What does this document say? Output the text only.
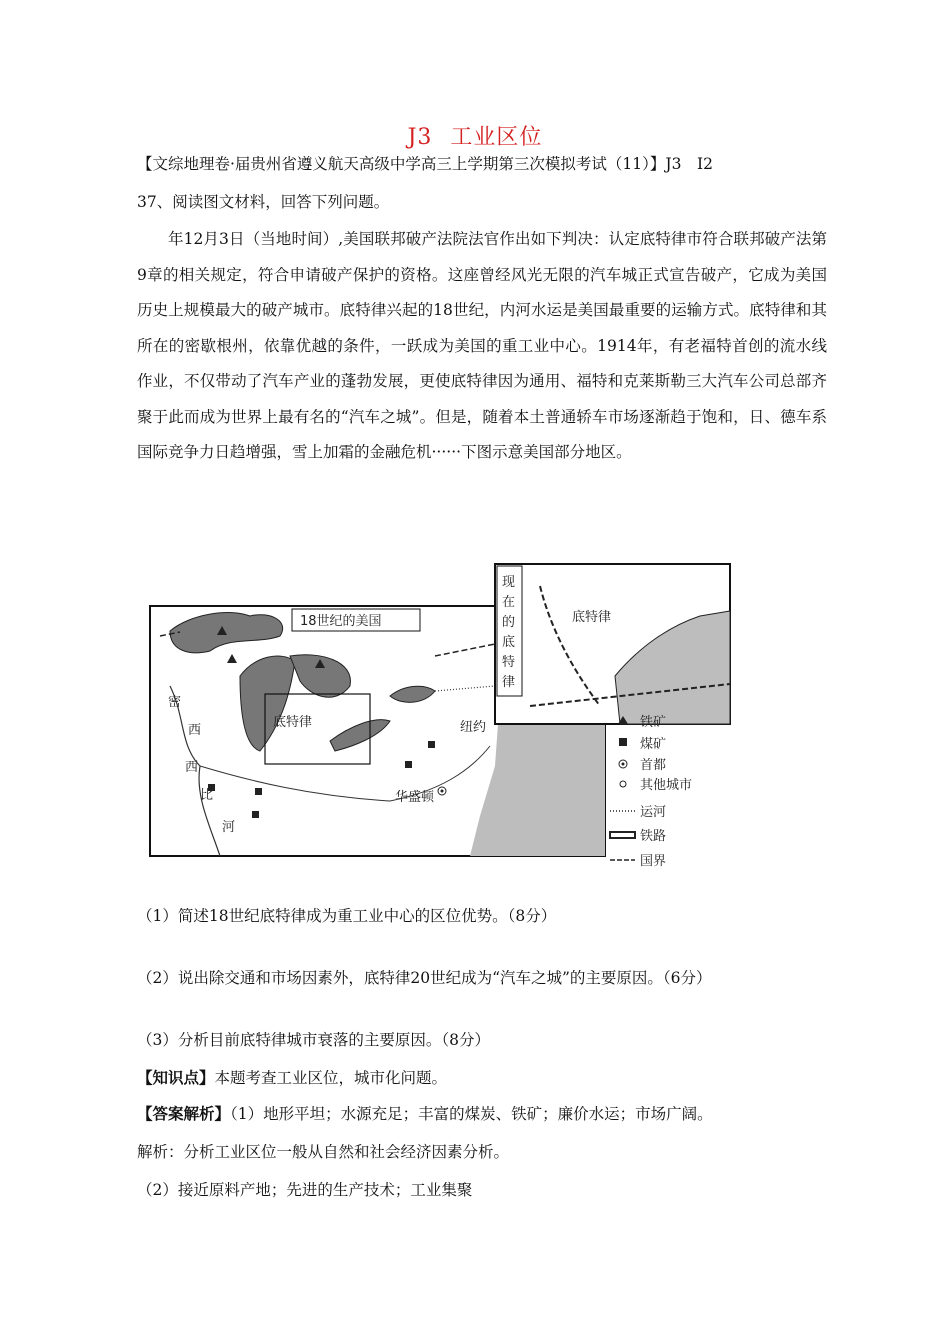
J3 工业区位
【文综地理卷·届贵州省遵义航天高级中学高三上学期第三次模拟考试（11）】J3　I2
37、阅读图文材料，回答下列问题。

年12月3日（当地时间）,美国联邦破产法院法官作出如下判决：认定底特律市符合联邦破产法第9章的相关规定，符合申请破产保护的资格。这座曾经风光无限的汽车城正式宣告破产，它成为美国历史上规模最大的破产城市。底特律兴起的18世纪，内河水运是美国最重要的运输方式。底特律和其所在的密歇根州，依靠优越的条件，一跃成为美国的重工业中心。1914年，有老福特首创的流水线作业，不仅带动了汽车产业的蓬勃发展，更使底特律因为通用、福特和克莱斯勒三大汽车公司总部齐聚于此而成为世界上最有名的“汽车之城”。但是，随着本土普通轿车市场逐渐趋于饱和，日、德车系国际竞争力日趋增强，雪上加霜的金融危机······下图示意美国部分地区。

18世纪的美国
密
西
西
比
河
底特律	纽约
华盛顿
现
在
的
底
特
律
底特律
铁矿
煤矿
首都
其他城市
运河
铁路
国界
（1）简述18世纪底特律成为重工业中心的区位优势。（8分）
（2）说出除交通和市场因素外，底特律20世纪成为“汽车之城”的主要原因。（6分）
（3）分析目前底特律城市衰落的主要原因。（8分）
【知识点】本题考查工业区位，城市化问题。
【答案解析】（1）地形平坦；水源充足；丰富的煤炭、铁矿；廉价水运；市场广阔。
解析：分析工业区位一般从自然和社会经济因素分析。
（2）接近原料产地；先进的生产技术；工业集聚
